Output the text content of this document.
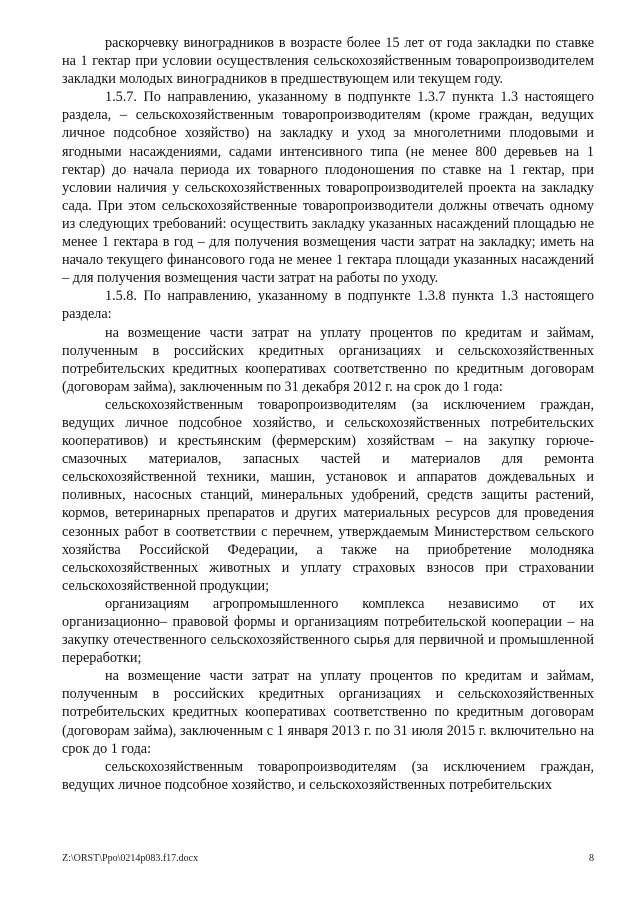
раскорчевку виноградников в возрасте более 15 лет от года закладки по ставке на 1 гектар при условии осуществления сельскохозяйственным товаропроизводителем закладки молодых виноградников в предшествующем или текущем году.

1.5.7. По направлению, указанному в подпункте 1.3.7 пункта 1.3 настоящего раздела, – сельскохозяйственным товаропроизводителям (кроме граждан, ведущих личное подсобное хозяйство) на закладку и уход за многолетними плодовыми и ягодными насаждениями, садами интенсивного типа (не менее 800 деревьев на 1 гектар) до начала периода их товарного плодоношения по ставке на 1 гектар, при условии наличия у сельскохозяйственных товаропроизводителей проекта на закладку сада. При этом сельскохозяйственные товаропроизводители должны отвечать одному из следующих требований: осуществить закладку указанных насаждений площадью не менее 1 гектара в год – для получения возмещения части затрат на закладку; иметь на начало текущего финансового года не менее 1 гектара площади указанных насаждений – для получения возмещения части затрат на работы по уходу.

1.5.8. По направлению, указанному в подпункте 1.3.8 пункта 1.3 настоящего раздела:

на возмещение части затрат на уплату процентов по кредитам и займам, полученным в российских кредитных организациях и сельскохозяйственных потребительских кредитных кооперативах соответственно по кредитным договорам (договорам займа), заключенным по 31 декабря 2012 г. на срок до 1 года:

сельскохозяйственным товаропроизводителям (за исключением граждан, ведущих личное подсобное хозяйство, и сельскохозяйственных потребительских кооперативов) и крестьянским (фермерским) хозяйствам – на закупку горюче-смазочных материалов, запасных частей и материалов для ремонта сельскохозяйственной техники, машин, установок и аппаратов дождевальных и поливных, насосных станций, минеральных удобрений, средств защиты растений, кормов, ветеринарных препаратов и других материальных ресурсов для проведения сезонных работ в соответствии с перечнем, утверждаемым Министерством сельского хозяйства Российской Федерации, а также на приобретение молодняка сельскохозяйственных животных и уплату страховых взносов при страховании сельскохозяйственной продукции;

организациям агропромышленного комплекса независимо от их организационно– правовой формы и организациям потребительской кооперации – на закупку отечественного сельскохозяйственного сырья для первичной и промышленной переработки;

на возмещение части затрат на уплату процентов по кредитам и займам, полученным в российских кредитных организациях и сельскохозяйственных потребительских кредитных кооперативах соответственно по кредитным договорам (договорам займа), заключенным с 1 января 2013 г. по 31 июля 2015 г. включительно на срок до 1 года:

сельскохозяйственным товаропроизводителям (за исключением граждан, ведущих личное подсобное хозяйство, и сельскохозяйственных потребительских

Z:\ORST\Ppo\0214p083.f17.docx	8
